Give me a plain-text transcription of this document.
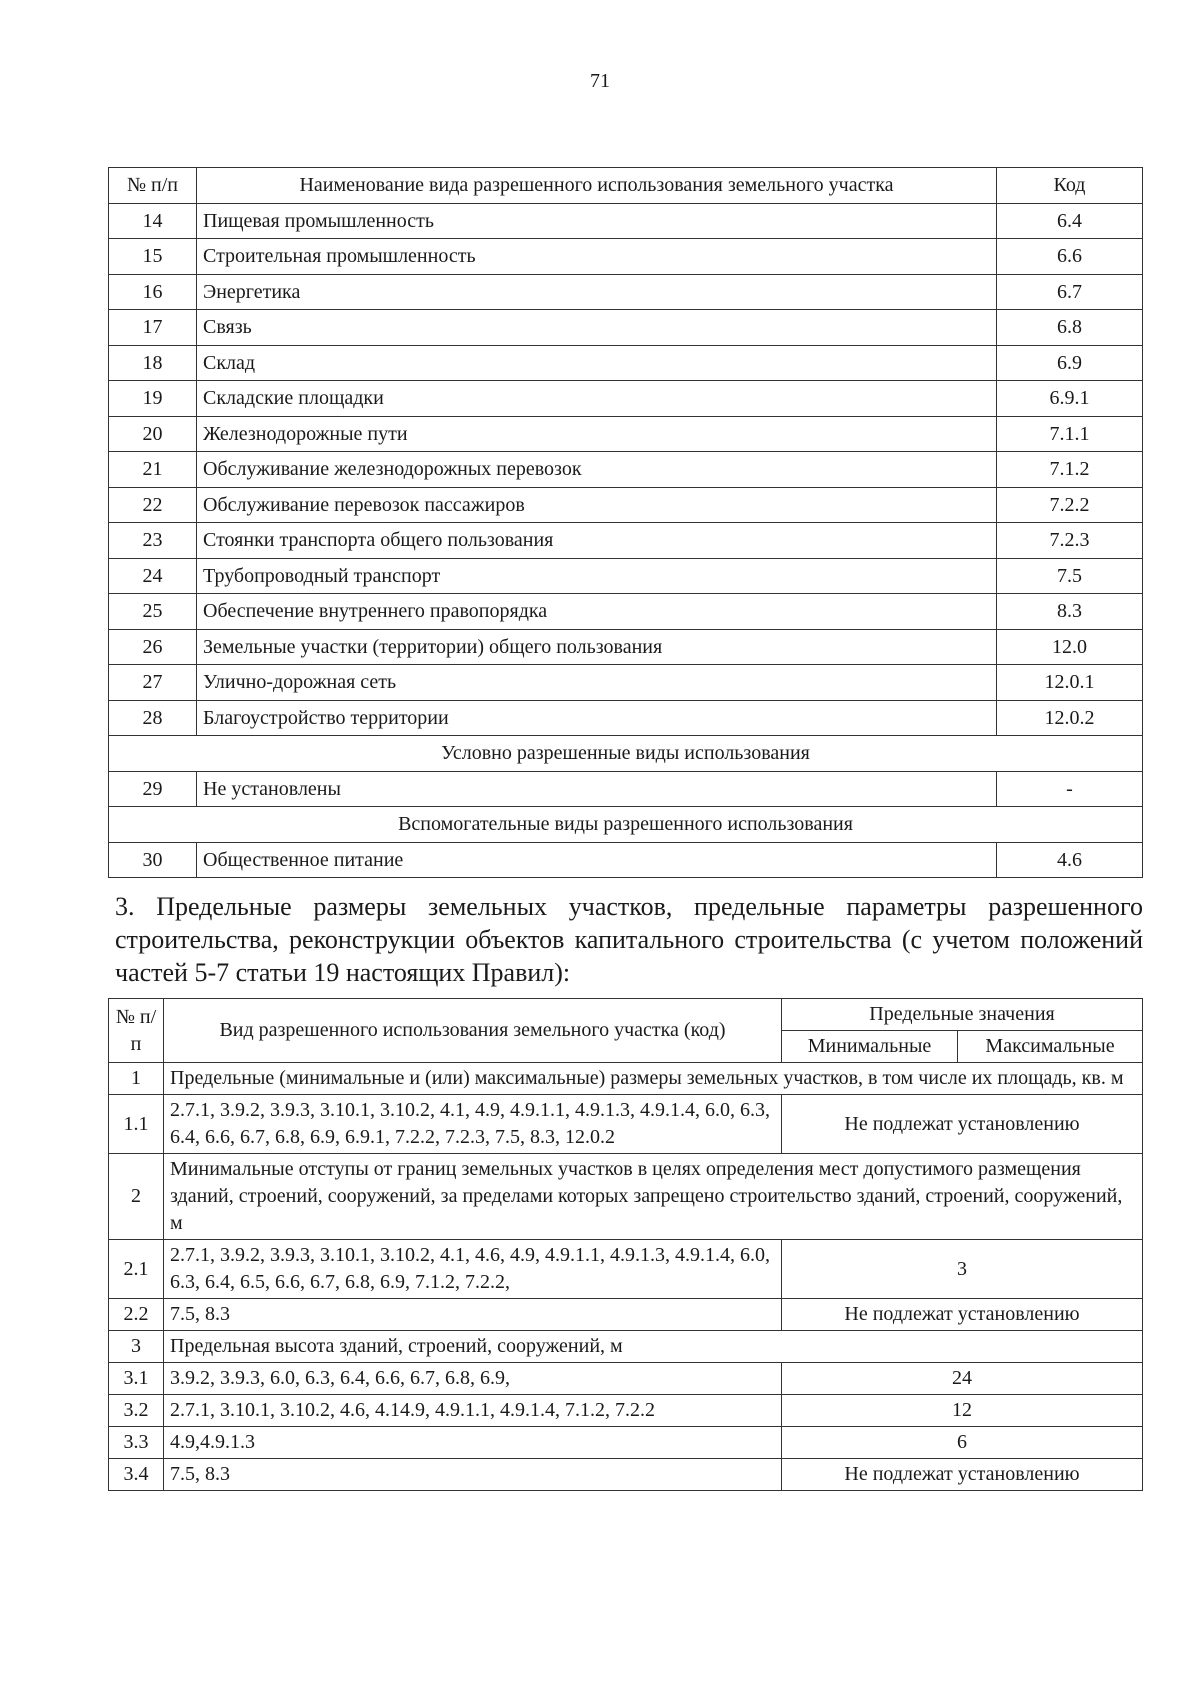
71
№ п/п	Наименование вида разрешенного использования земельного участка	Код
14	Пищевая промышленность	6.4
15	Строительная промышленность	6.6
16	Энергетика	6.7
17	Связь	6.8
18	Склад	6.9
19	Складские площадки	6.9.1
20	Железнодорожные пути	7.1.1
21	Обслуживание железнодорожных перевозок	7.1.2
22	Обслуживание перевозок пассажиров	7.2.2
23	Стоянки транспорта общего пользования	7.2.3
24	Трубопроводный транспорт	7.5
25	Обеспечение внутреннего правопорядка	8.3
26	Земельные участки (территории) общего пользования	12.0
27	Улично-дорожная сеть	12.0.1
28	Благоустройство территории	12.0.2
Условно разрешенные виды использования		
29	Не установлены	-
Вспомогательные виды разрешенного использования		
30	Общественное питание	4.6
3. Предельные размеры земельных участков, предельные параметры разрешенного строительства, реконструкции объектов капитального строительства (с учетом положений частей 5-7 статьи 19 настоящих Правил):
№ п/п	Вид разрешенного использования земельного участка (код)	Предельные значения	
		Минимальные	Максимальные
1	Предельные (минимальные и (или) максимальные) размеры земельных участков, в том числе их площадь, кв. м		
1.1	2.7.1, 3.9.2, 3.9.3, 3.10.1, 3.10.2, 4.1, 4.9, 4.9.1.1, 4.9.1.3, 4.9.1.4, 6.0, 6.3, 6.4, 6.6, 6.7, 6.8, 6.9, 6.9.1, 7.2.2, 7.2.3, 7.5, 8.3, 12.0.2	Не подлежат установлению	
2	Минимальные отступы от границ земельных участков в целях определения мест допустимого размещения зданий, строений, сооружений, за пределами которых запрещено строительство зданий, строений, сооружений, м		
2.1	2.7.1, 3.9.2, 3.9.3, 3.10.1, 3.10.2, 4.1, 4.6, 4.9, 4.9.1.1, 4.9.1.3, 4.9.1.4, 6.0, 6.3, 6.4, 6.5, 6.6, 6.7, 6.8, 6.9, 7.1.2, 7.2.2,	3	
2.2	7.5, 8.3	Не подлежат установлению	
3	Предельная высота зданий, строений, сооружений, м		
3.1	3.9.2, 3.9.3, 6.0, 6.3, 6.4, 6.6, 6.7, 6.8, 6.9,	24	
3.2	2.7.1, 3.10.1, 3.10.2, 4.6, 4.14.9, 4.9.1.1, 4.9.1.4, 7.1.2, 7.2.2	12	
3.3	4.9,4.9.1.3	6	
3.4	7.5, 8.3	Не подлежат установлению	
